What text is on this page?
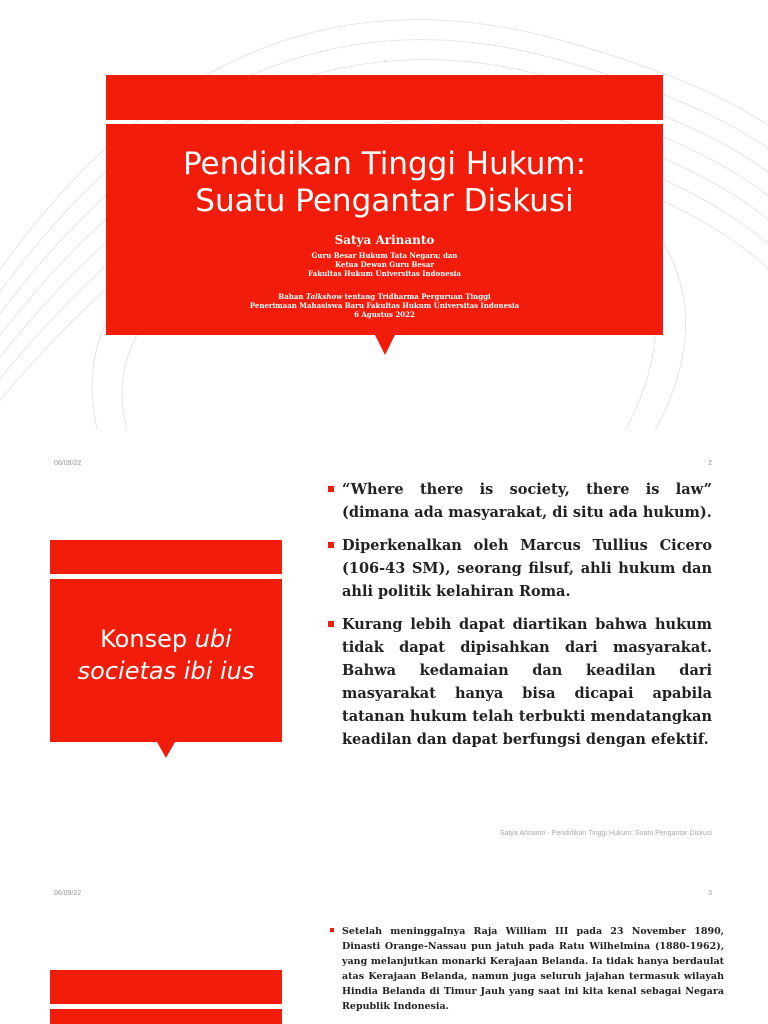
Pendidikan Tinggi Hukum:
Suatu Pengantar Diskusi
Satya Arinanto
Guru Besar Hukum Tata Negara; dan
Ketua Dewan Guru Besar
Fakultas Hukum Universitas Indonesia
Bahan Talkshow tentang Tridharma Perguruan Tinggi
Penerimaan Mahasiswa Baru Fakultas Hukum Universitas Indonesia
6 Agustus 2022
06/09/22	2
Konsep ubi
societas ibi ius
“Where there is society, there is law” (dimana ada masyarakat, di situ ada hukum).
Diperkenalkan oleh Marcus Tullius Cicero (106-43 SM), seorang filsuf, ahli hukum dan ahli politik kelahiran Roma.
Kurang lebih dapat diartikan bahwa hukum tidak dapat dipisahkan dari masyarakat. Bahwa kedamaian dan keadilan dari masyarakat hanya bisa dicapai apabila tatanan hukum telah terbukti mendatangkan keadilan dan dapat berfungsi dengan efektif.
Satya Arinanto - Pendidikan Tinggi Hukum: Suatu Pengantar Diskusi
06/09/22	3

Setelah meninggalnya Raja William III pada 23 November 1890, Dinasti Orange-Nassau pun jatuh pada Ratu Wilhelmina (1880-1962), yang melanjutkan monarki Kerajaan Belanda. Ia tidak hanya berdaulat atas Kerajaan Belanda, namun juga seluruh jajahan termasuk wilayah Hindia Belanda di Timur Jauh yang saat ini kita kenal sebagai Negara Republik Indonesia.
